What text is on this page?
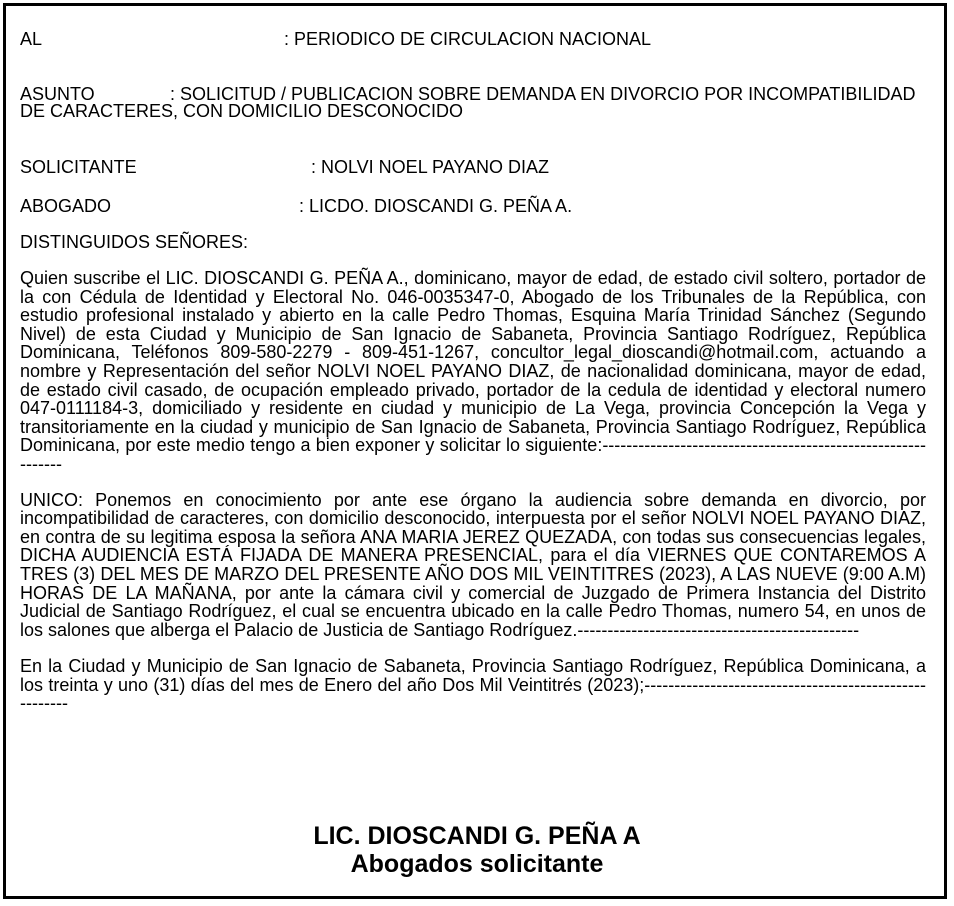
AL	: PERIODICO DE CIRCULACION NACIONAL
ASUNTO	: SOLICITUD / PUBLICACION SOBRE DEMANDA EN DIVORCIO POR INCOMPATIBILIDAD DE CARACTERES, CON DOMICILIO DESCONOCIDO

SOLICITANTE	: NOLVI NOEL PAYANO DIAZ
ABOGADO	: LICDO. DIOSCANDI G. PEÑA A.
DISTINGUIDOS SEÑORES:

Quien suscribe el LIC. DIOSCANDI G. PEÑA A., dominicano, mayor de edad, de estado civil soltero, portador de la con Cédula de Identidad y Electoral No. 046-0035347-0, Abogado de los Tribunales de la República, con estudio profesional instalado y abierto en la calle Pedro Thomas, Esquina María Trinidad Sánchez (Segundo Nivel) de esta Ciudad y Municipio de San Ignacio de Sabaneta, Provincia Santiago Rodríguez, República Dominicana, Teléfonos 809-580-2279 - 809-451-1267, concultor_legal_dioscandi@hotmail.com, actuando a nombre y Representación del señor NOLVI NOEL PAYANO DIAZ, de nacionalidad dominicana, mayor de edad, de estado civil casado, de ocupación empleado privado, portador de la cedula de identidad y electoral numero 047-0111184-3, domiciliado y residente en ciudad y municipio de La Vega, provincia Concepción la Vega y transitoriamente en la ciudad y municipio de San Ignacio de Sabaneta, Provincia Santiago Rodríguez, República Dominicana, por este medio tengo a bien exponer y solicitar lo siguiente:-------------------------------------------------------------

UNICO: Ponemos en conocimiento por ante ese órgano la audiencia sobre demanda en divorcio, por incompatibilidad de caracteres, con domicilio desconocido, interpuesta por el señor NOLVI NOEL PAYANO DIAZ, en contra de su legitima esposa la señora ANA MARIA JEREZ QUEZADA, con todas sus consecuencias legales, DICHA AUDIENCIA ESTÁ FIJADA DE MANERA PRESENCIAL, para el día VIERNES QUE CONTAREMOS A TRES (3) DEL MES DE MARZO DEL PRESENTE AÑO DOS MIL VEINTITRES (2023), A LAS NUEVE (9:00 A.M) HORAS DE LA MAÑANA, por ante la cámara civil y comercial de Juzgado de Primera Instancia del Distrito Judicial de Santiago Rodríguez, el cual se encuentra ubicado en la calle Pedro Thomas, numero 54, en unos de los salones que alberga el Palacio de Justicia de Santiago Rodríguez.-----------------------------------------------

En la Ciudad y Municipio de San Ignacio de Sabaneta, Provincia Santiago Rodríguez, República Dominicana, a los treinta y uno (31) días del mes de Enero del año Dos Mil Veintitrés (2023);-------------------------------------------------------

LIC. DIOSCANDI G. PEÑA A
Abogados solicitante
